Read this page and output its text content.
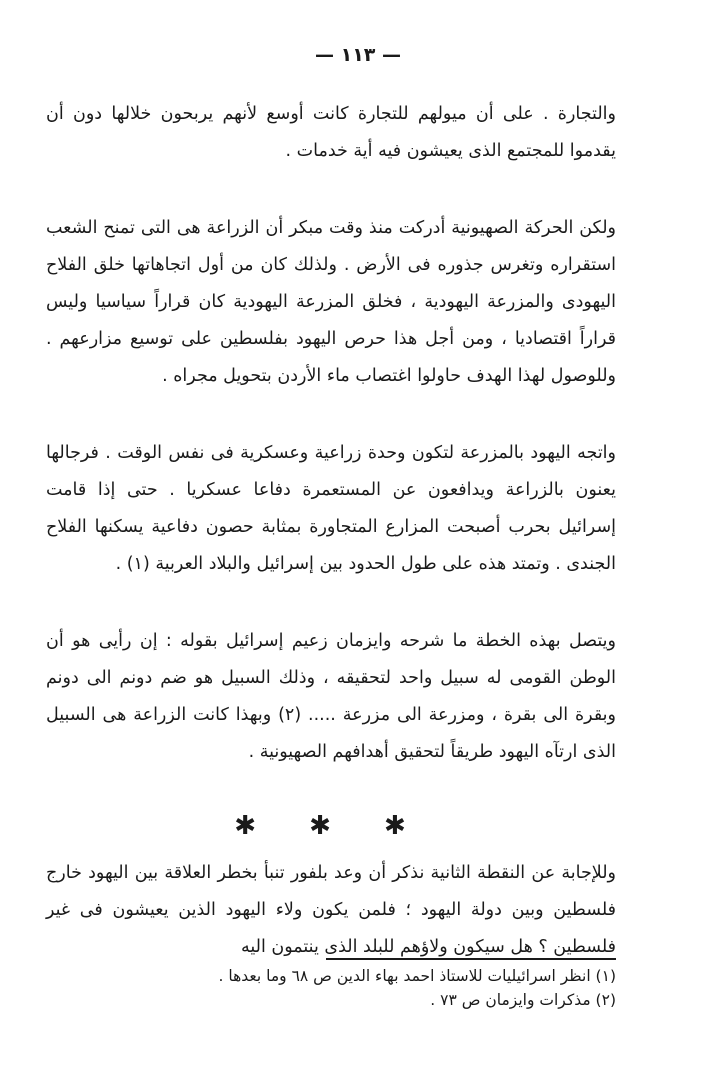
— ١١٣ —

والتجارة . على أن ميولهم للتجارة كانت أوسع لأنهم يربحون خلالها دون أن يقدموا للمجتمع الذى يعيشون فيه أية خدمات .

ولكن الحركة الصهيونية أدركت منذ وقت مبكر أن الزراعة هى التى تمنح الشعب استقراره وتغرس جذوره فى الأرض . ولذلك كان من أول اتجاهاتها خلق الفلاح اليهودى والمزرعة اليهودية ، فخلق المزرعة اليهودية كان قراراً سياسيا وليس قراراً اقتصاديا ، ومن أجل هذا حرص اليهود بفلسطين على توسيع مزارعهم . وللوصول لهذا الهدف حاولوا اغتصاب ماء الأردن بتحويل مجراه .

واتجه اليهود بالمزرعة لتكون وحدة زراعية وعسكرية فى نفس الوقت . فرجالها يعنون بالزراعة ويدافعون عن المستعمرة دفاعا عسكريا . حتى إذا قامت إسرائيل بحرب أصبحت المزارع المتجاورة بمثابة حصون دفاعية يسكنها الفلاح الجندى . وتمتد هذه على طول الحدود بين إسرائيل والبلاد العربية (١) .

ويتصل بهذه الخطة ما شرحه وايزمان زعيم إسرائيل بقوله : إن رأيى هو أن الوطن القومى له سبيل واحد لتحقيقه ، وذلك السبيل هو ضم دونم الى دونم وبقرة الى بقرة ، ومزرعة الى مزرعة ..... (٢) وبهذا كانت الزراعة هى السبيل الذى ارتآه اليهود طريقاً لتحقيق أهدافهم الصهيونية .

✱ ✱ ✱

وللإجابة عن النقطة الثانية نذكر أن وعد بلفور تنبأ بخطر العلاقة بين اليهود خارج فلسطين وبين دولة اليهود ؛ فلمن يكون ولاء اليهود الذين يعيشون فى غير فلسطين ؟ هل سيكون ولاؤهم للبلد الذى ينتمون اليه

(١) انظر اسرائيليات للاستاذ احمد بهاء الدين ص ٦٨ وما بعدها .

(٢) مذكرات وايزمان ص ٧٣ .
